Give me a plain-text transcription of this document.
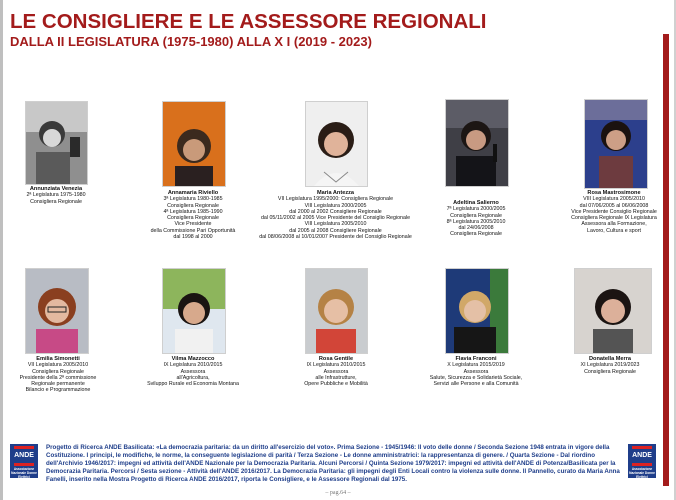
LE CONSIGLIERE E LE ASSESSORE REGIONALI
DALLA II LEGISLATURA (1975-1980) ALLA X I (2019 - 2023)
Annunziata Venezia
2ª Legislatura 1975-1980
Consigliera Regionale
Annamaria Riviello
3ª Legislatura 1980-1985
Consigliera Regionale
4ª Legislatura 1985-1990
Consigliera Regionale
Vice Presidente
della Commissione Pari Opportunità
dal 1998 al 2000
Maria Antezza
VII Legislatura 1995/2000: Consigliera Regionale
VIII Legislatura 2000/2005
dal 2000 al 2002 Consigliere Regionale
dal 05/11/2002 al 2005 Vice Presidente del Consiglio Regionale
VIII Legislatura 2005/2010
dal 2005 al 2008 Consigliere Regionale
dal 08/06/2008 al 10/01/2007 Presidente del Consiglio Regionale
Adeltina Salierno
7ª Legislatura 2000/2005
Consigliera Regionale
8ª Legislatura 2005/2010
dal 24/06/2008
Consigliera Regionale
Rosa Mastrosimone
VIII Legislatura 2005/2010
dal 07/06/2005 al 06/06/2008
Vice Presidente Consiglio Regionale
Consigliera Regionale IX Legislatura
Assessora alla Formazione,
Lavoro, Cultura e sport
Emilia Simonetti
VII Legislatura 2005/2010
Consigliera Regionale
Presidente della 2ª commissione
Regionale permanente
Bilancio e Programmazione
Vilma Mazzocco
IX Legislatura 2010/2015
Assessora
all'Agricoltura,
Sviluppo Rurale ed Economia Montana
Rosa Gentile
IX Legislatura 2010/2015
Assessora
alle Infrastrutture,
Opere Pubbliche e Mobilità
Flavia Franconi
X Legislatura 2015/2019
Assessora
Salute, Sicurezza e Solidarietà Sociale,
Servizi alle Persone e alla Comunità
Donatella Merra
XI Legislatura 2019/2023
Consigliera Regionale
ANDE
Associazione Nazionale Donne Elettrici
Progetto di Ricerca ANDE Basilicata: «La democrazia paritaria: da un diritto all'esercizio del voto». Prima Sezione - 1945/1946: Il voto delle donne / Seconda Sezione 1948 entrata in vigore della Costituzione. I principi, le modifiche, le norme, la conseguente legislazione di parità / Terza Sezione - Le donne amministratrici: la rappresentanza di genere. / Quarta Sezione - Dal riordino dell'Archivio 1946/2017: impegni ed attività dell'ANDE Nazionale per la Democrazia Paritaria. Alcuni Percorsi / Quinta Sezione 1979/2017: impegni ed attività dell'ANDE di Potenza/Basilicata per la Democrazia Paritaria. Percorsi / Sesta sezione - Attività dell'ANDE 2016/2017. La Democrazia Paritaria: gli impegni degli Enti Locali contro la violenza sulle donne. Il Pannello, curato da Maria Anna Fanelli, inserito nella Mostra Progetto di Ricerca ANDE 2016/2017, riporta le Consigliere, e le Assessore Regionali dal 1975.
ANDE
Associazione Nazionale Donne Elettrici
– pag.64 –
